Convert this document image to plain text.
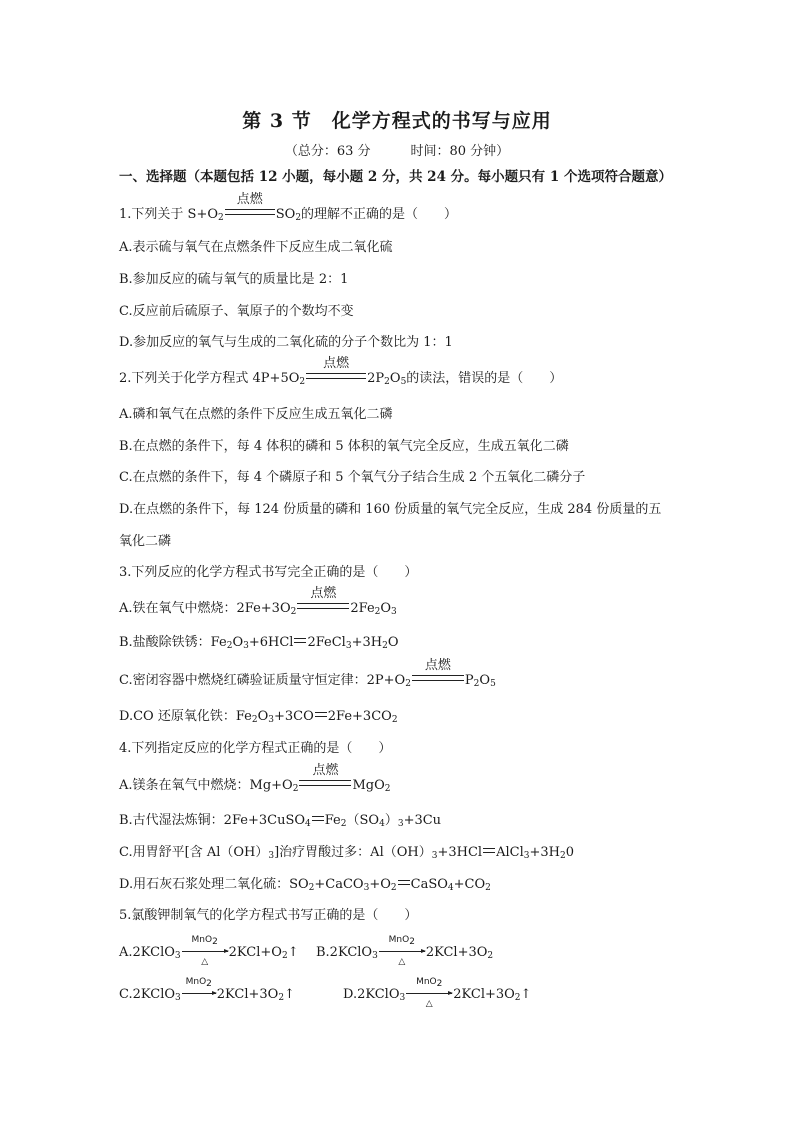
第 3 节　化学方程式的书写与应用
（总分：63 分	时间：80 分钟）
一、选择题（本题包括 12 小题，每小题 2 分，共 24 分。每小题只有 1 个选项符合题意）
1.下列关于 $S+O_2$
点燃
$SO_2$的理解不正确的是（　　）
A.表示硫与氧气在点燃条件下反应生成二氧化硫
B.参加反应的硫与氧气的质量比是 2：1
C.反应前后硫原子、氧原子的个数均不变
D.参加反应的氧气与生成的二氧化硫的分子个数比为 1：1
2.下列关于化学方程式 $4P+5O_2$
点燃
$2P_2O_5$的读法，错误的是（　　）
A.磷和氧气在点燃的条件下反应生成五氧化二磷
B.在点燃的条件下，每 4 体积的磷和 5 体积的氧气完全反应，生成五氧化二磷
C.在点燃的条件下，每 4 个磷原子和 5 个氧气分子结合生成 2 个五氧化二磷分子
D.在点燃的条件下，每 124 份质量的磷和 160 份质量的氧气完全反应，生成 284 份质量的五
氧化二磷
3.下列反应的化学方程式书写完全正确的是（　　）
A.铁在氧气中燃烧：$2Fe+3O_2$
点燃
$2Fe_2O_3$
B.盐酸除铁锈：$Fe_2O_3+6HCl$ $2FeCl_3+3H_2O$
C.密闭容器中燃烧红磷验证质量守恒定律：$2P+O_2$
点燃
$P_2O_5$
D.CO 还原氧化铁：$Fe_2O_3+3CO$ $2Fe+3CO_2$
4.下列指定反应的化学方程式正确的是（　　）
A.镁条在氧气中燃烧：$Mg+O_2$
点燃
MgO$_2$
B.古代湿法炼铜：2Fe+3CuSO$_4$ $Fe_2(SO_4)_3+3Cu$
C.用胃舒平[含 $Al(OH)_3$]治疗胃酸过多：$Al(OH)_3+3HCl$ $AlCl_3+3H_20$
D.用石灰石浆处理二氧化硫：$SO_2+CaCO_3+O_2$ $CaSO_4+CO_2$
5.氯酸钾制氧气的化学方程式书写正确的是（　　）
A.2KClO$_3$
MnO$_2$
△
$2KCl+O_2↑$ B.2KClO$_3$
MnO$_2$
△
$2KCl+3O_2$
C.2KClO$_3$
MnO$_2$
$2KCl+3O_2↑$	D.2KClO$_3$
MnO$_2$
△
$2KCl+3O_2↑$
